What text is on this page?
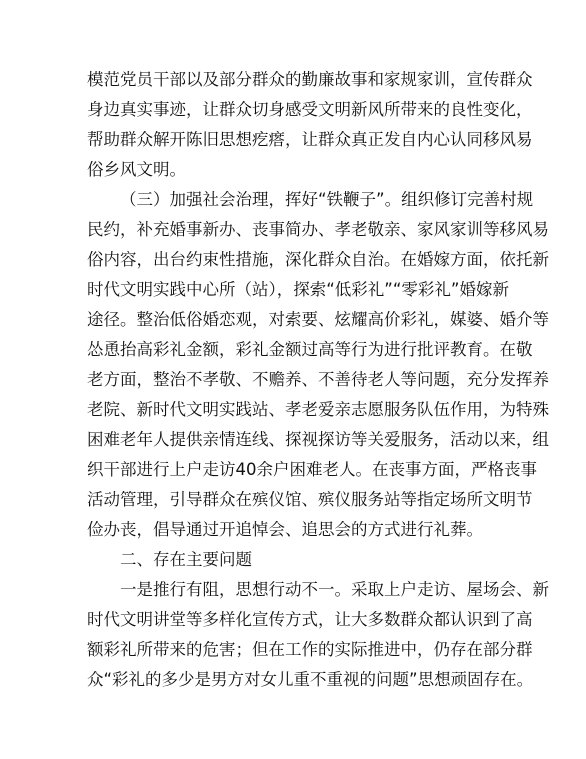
模范党员干部以及部分群众的勤廉故事和家规家训，宣传群众
身边真实事迹，让群众切身感受文明新风所带来的良性变化，
帮助群众解开陈旧思想疙瘩，让群众真正发自内心认同移风易
俗乡风文明。
（三）加强社会治理，挥好“铁鞭子”。组织修订完善村规
民约，补充婚事新办、丧事简办、孝老敬亲、家风家训等移风易
俗内容，出台约束性措施，深化群众自治。在婚嫁方面，依托新
时代文明实践中心所（站），探索“低彩礼”“零彩礼”婚嫁新
途径。整治低俗婚恋观，对索要、炫耀高价彩礼，媒婆、婚介等
怂恿抬高彩礼金额，彩礼金额过高等行为进行批评教育。在敬
老方面，整治不孝敬、不赡养、不善待老人等问题，充分发挥养
老院、新时代文明实践站、孝老爱亲志愿服务队伍作用，为特殊
困难老年人提供亲情连线、探视探访等关爱服务，活动以来，组
织干部进行上户走访40余户困难老人。在丧事方面，严格丧事
活动管理，引导群众在殡仪馆、殡仪服务站等指定场所文明节
俭办丧，倡导通过开追悼会、追思会的方式进行礼葬。
二、存在主要问题
一是推行有阻，思想行动不一。采取上户走访、屋场会、新
时代文明讲堂等多样化宣传方式，让大多数群众都认识到了高
额彩礼所带来的危害；但在工作的实际推进中，仍存在部分群
众“彩礼的多少是男方对女儿重不重视的问题”思想顽固存在。
